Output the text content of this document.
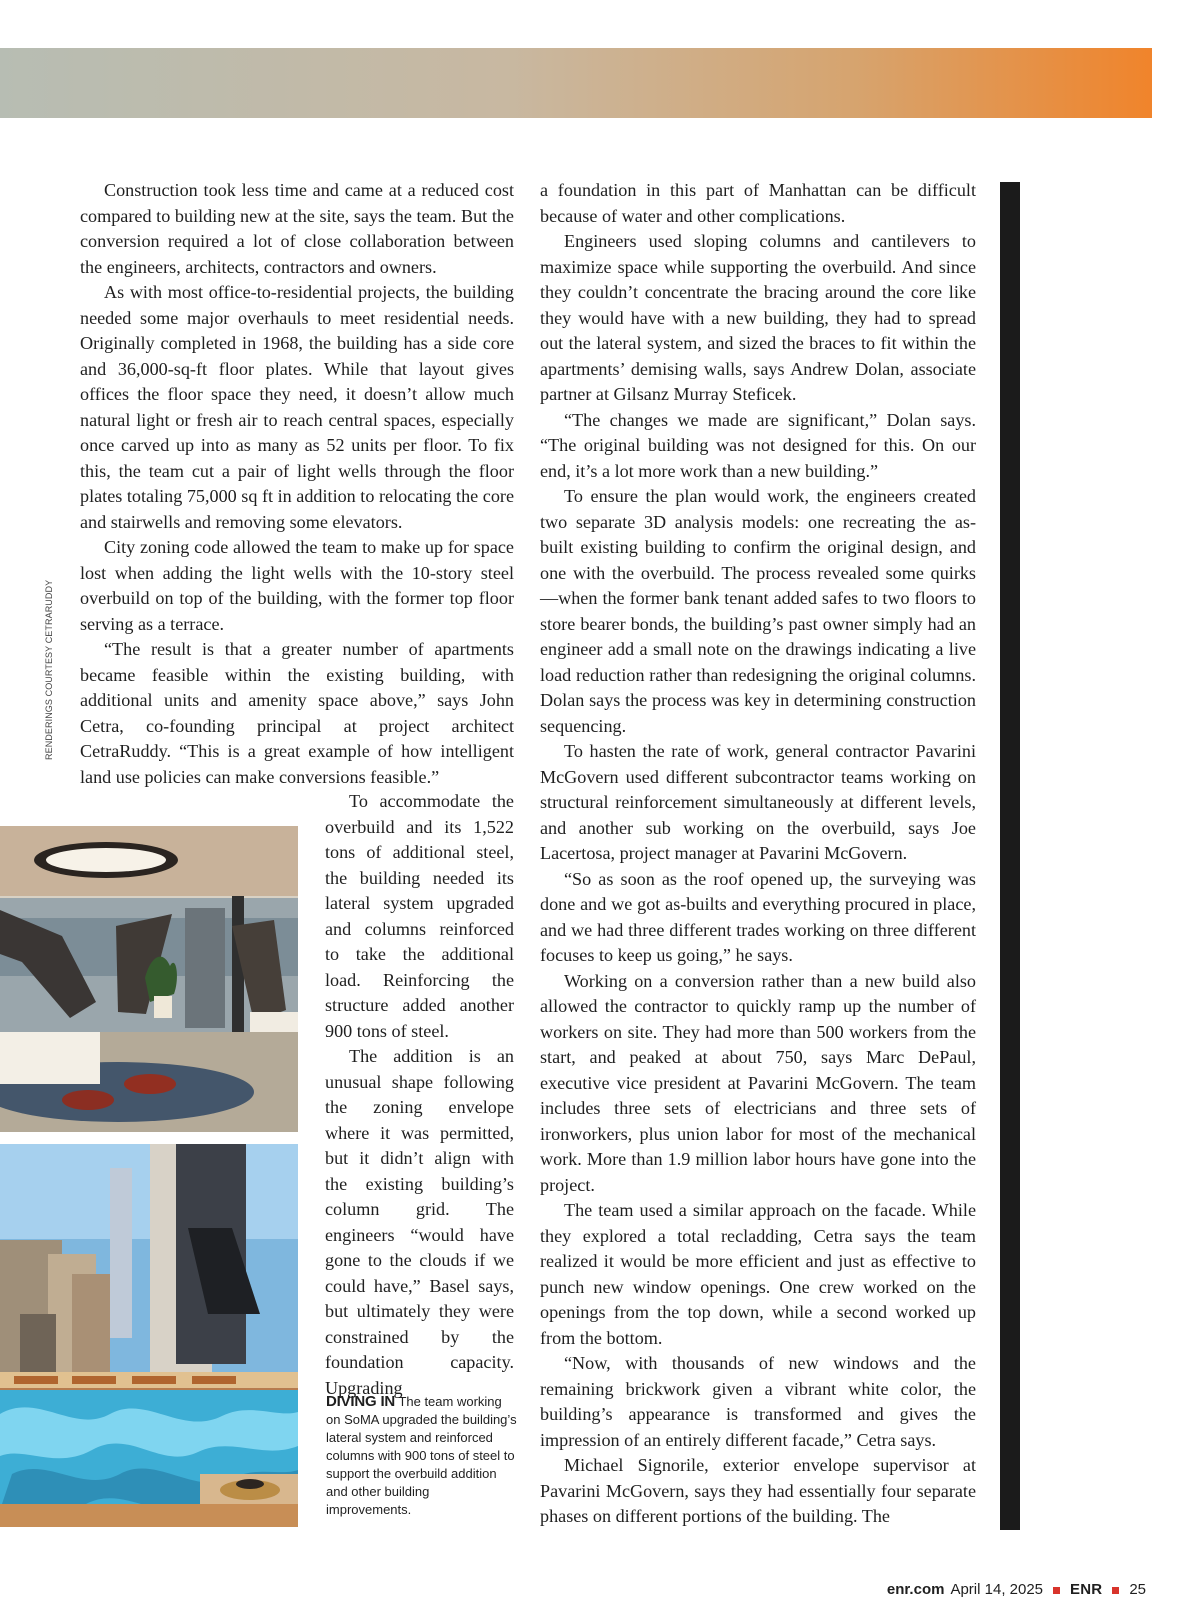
RENDERINGS COURTESY CETRARUDDY

Construction took less time and came at a reduced cost compared to building new at the site, says the team. But the conversion required a lot of close collaboration between the engineers, architects, contractors and owners.

As with most office-to-residential projects, the building needed some major overhauls to meet residential needs. Originally completed in 1968, the building has a side core and 36,000-sq-ft floor plates. While that layout gives offices the floor space they need, it doesn’t allow much natural light or fresh air to reach central spaces, especially once carved up into as many as 52 units per floor. To fix this, the team cut a pair of light wells through the floor plates totaling 75,000 sq ft in addition to relocating the core and stairwells and removing some elevators.

City zoning code allowed the team to make up for space lost when adding the light wells with the 10-story steel overbuild on top of the building, with the former top floor serving as a terrace.

“The result is that a greater number of apartments became feasible within the existing building, with additional units and amenity space above,” says John Cetra, co-founding principal at project architect CetraRuddy. “This is a great example of how intelligent land use policies can make conversions feasible.”

To accommodate the overbuild and its 1,522 tons of additional steel, the building needed its lateral system upgraded and columns reinforced to take the additional load. Reinforcing the structure added another 900 tons of steel.

The addition is an unusual shape following the zoning envelope where it was permitted, but it didn’t align with the existing building’s column grid. The engineers “would have gone to the clouds if we could have,” Basel says, but ultimately they were constrained by the foundation capacity. Upgrading

DIVING IN The team working on SoMA upgraded the building’s lateral system and reinforced columns with 900 tons of steel to support the overbuild addition and other building improvements.

a foundation in this part of Manhattan can be difficult because of water and other complications.

Engineers used sloping columns and cantilevers to maximize space while supporting the overbuild. And since they couldn’t concentrate the bracing around the core like they would have with a new building, they had to spread out the lateral system, and sized the braces to fit within the apartments’ demising walls, says Andrew Dolan, associate partner at Gilsanz Murray Steficek.

“The changes we made are significant,” Dolan says. “The original building was not designed for this. On our end, it’s a lot more work than a new building.”

To ensure the plan would work, the engineers created two separate 3D analysis models: one recreating the as-built existing building to confirm the original design, and one with the overbuild. The process revealed some quirks—when the former bank tenant added safes to two floors to store bearer bonds, the building’s past owner simply had an engineer add a small note on the drawings indicating a live load reduction rather than redesigning the original columns. Dolan says the process was key in determining construction sequencing.

To hasten the rate of work, general contractor Pavarini McGovern used different subcontractor teams working on structural reinforcement simultaneously at different levels, and another sub working on the overbuild, says Joe Lacertosa, project manager at Pavarini McGovern.

“So as soon as the roof opened up, the surveying was done and we got as-builts and everything procured in place, and we had three different trades working on three different focuses to keep us going,” he says.

Working on a conversion rather than a new build also allowed the contractor to quickly ramp up the number of workers on site. They had more than 500 workers from the start, and peaked at about 750, says Marc DePaul, executive vice president at Pavarini McGovern. The team includes three sets of electricians and three sets of ironworkers, plus union labor for most of the mechanical work. More than 1.9 million labor hours have gone into the project.

The team used a similar approach on the facade. While they explored a total recladding, Cetra says the team realized it would be more efficient and just as effective to punch new window openings. One crew worked on the openings from the top down, while a second worked up from the bottom.

“Now, with thousands of new windows and the remaining brickwork given a vibrant white color, the building’s appearance is transformed and gives the impression of an entirely different facade,” Cetra says.

Michael Signorile, exterior envelope supervisor at Pavarini McGovern, says they had essentially four separate phases on different portions of the building. The

enr.com April 14, 2025 ENR 25
